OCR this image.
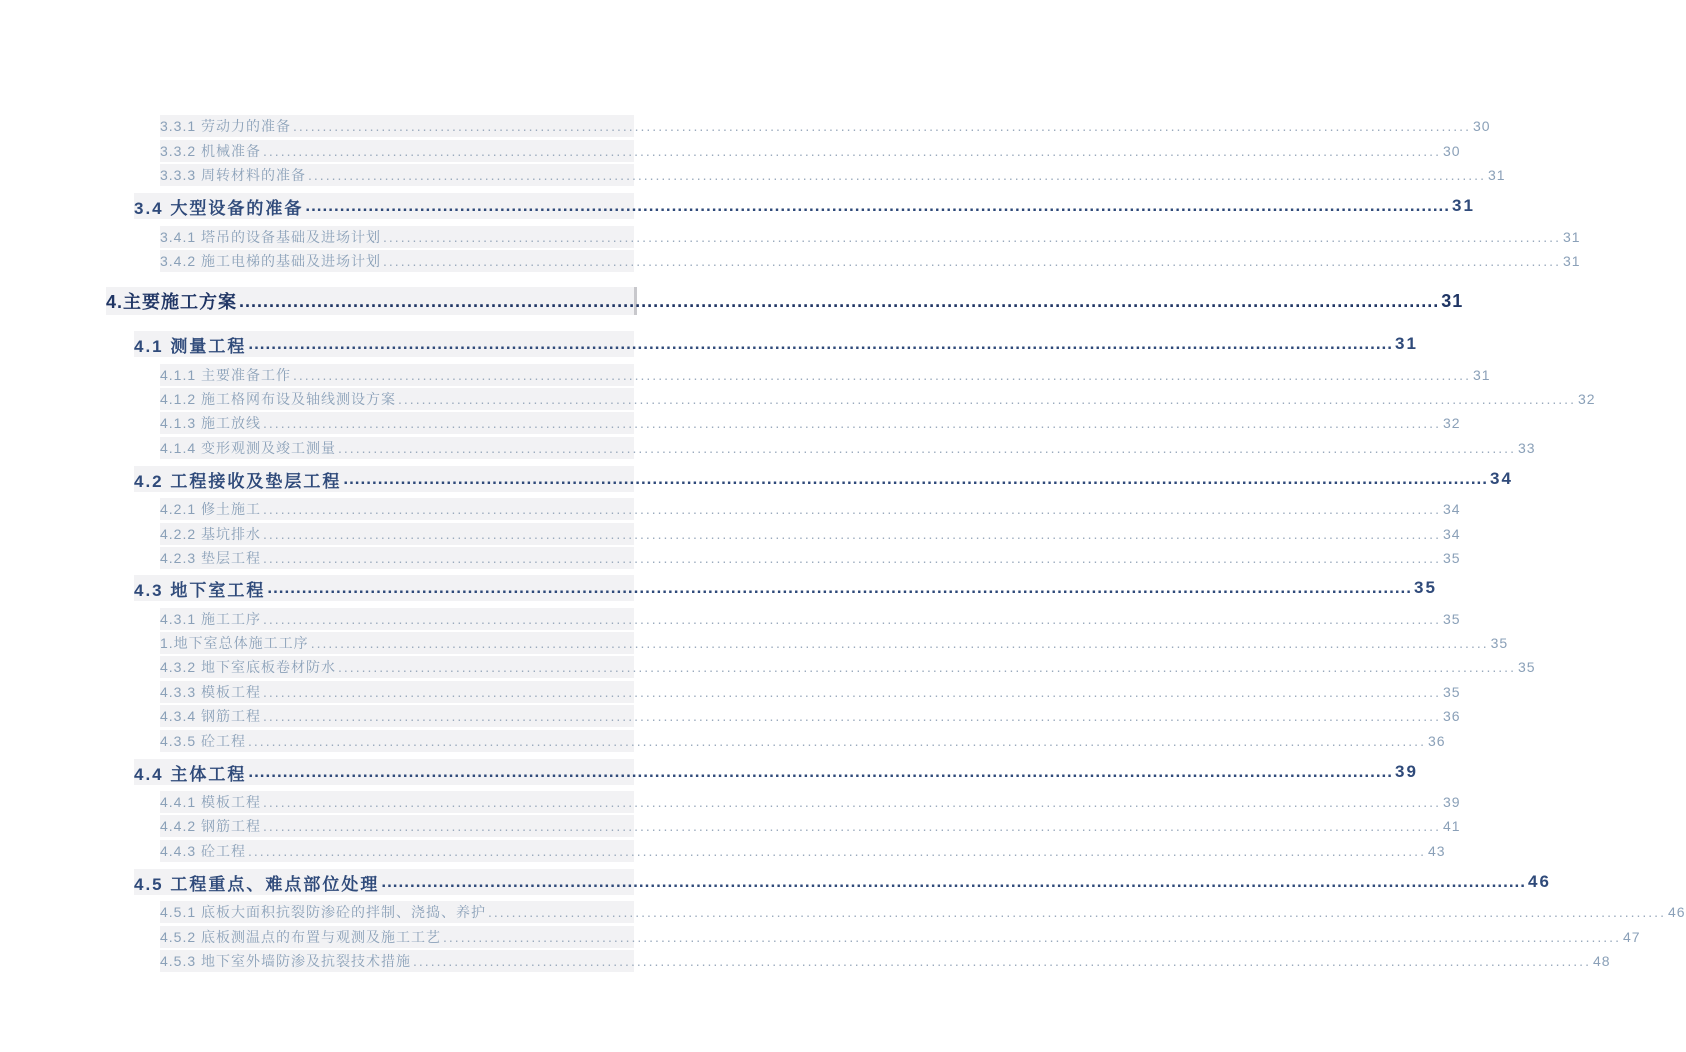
3.3.1 劳动力的准备 ........................................................................................................................................................................................................ 30
3.3.2 机械准备 ........................................................................................................................................................................................................ 30
3.3.3 周转材料的准备 ........................................................................................................................................................................................................ 31
3.4 大型设备的准备 ........................................................................................................................................................................................................ 31
3.4.1 塔吊的设备基础及进场计划 ........................................................................................................................................................................................................ 31
3.4.2 施工电梯的基础及进场计划 ........................................................................................................................................................................................................ 31
4.主要施工方案 ........................................................................................................................................................................................................ 31
4.1 测量工程 ........................................................................................................................................................................................................ 31
4.1.1 主要准备工作 ........................................................................................................................................................................................................ 31
4.1.2 施工格网布设及轴线测设方案 ........................................................................................................................................................................................................ 32
4.1.3 施工放线 ........................................................................................................................................................................................................ 32
4.1.4 变形观测及竣工测量 ........................................................................................................................................................................................................ 33
4.2 工程接收及垫层工程 ........................................................................................................................................................................................................ 34
4.2.1 修土施工 ........................................................................................................................................................................................................ 34
4.2.2 基坑排水 ........................................................................................................................................................................................................ 34
4.2.3 垫层工程 ........................................................................................................................................................................................................ 35
4.3 地下室工程 ........................................................................................................................................................................................................ 35
4.3.1 施工工序 ........................................................................................................................................................................................................ 35
1.地下室总体施工工序 ........................................................................................................................................................................................................ 35
4.3.2 地下室底板卷材防水 ........................................................................................................................................................................................................ 35
4.3.3 模板工程 ........................................................................................................................................................................................................ 35
4.3.4 钢筋工程 ........................................................................................................................................................................................................ 36
4.3.5 砼工程 ........................................................................................................................................................................................................ 36
4.4 主体工程 ........................................................................................................................................................................................................ 39
4.4.1 模板工程 ........................................................................................................................................................................................................ 39
4.4.2 钢筋工程 ........................................................................................................................................................................................................ 41
4.4.3 砼工程 ........................................................................................................................................................................................................ 43
4.5 工程重点、难点部位处理 ........................................................................................................................................................................................................ 46
4.5.1 底板大面积抗裂防渗砼的拌制、浇捣、养护 ........................................................................................................................................................................................................ 46
4.5.2 底板测温点的布置与观测及施工工艺 ........................................................................................................................................................................................................ 47
4.5.3 地下室外墙防渗及抗裂技术措施 ........................................................................................................................................................................................................ 48
